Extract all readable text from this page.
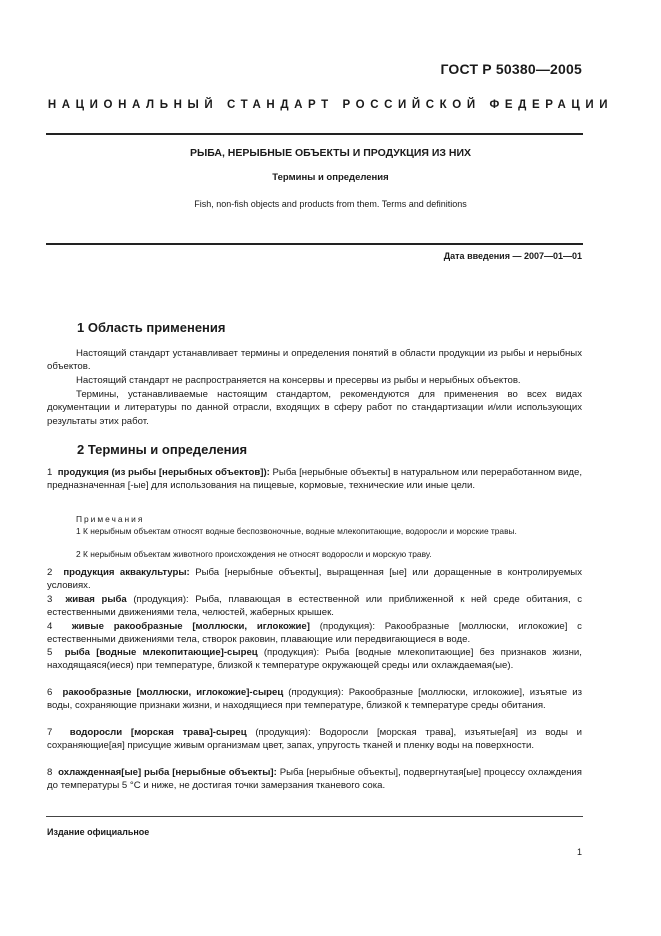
ГОСТ Р 50380—2005
НАЦИОНАЛЬНЫЙ СТАНДАРТ РОССИЙСКОЙ ФЕДЕРАЦИИ
РЫБА, НЕРЫБНЫЕ ОБЪЕКТЫ И ПРОДУКЦИЯ ИЗ НИХ
Термины и определения
Fish, non-fish objects and products from them. Terms and definitions
Дата введения — 2007—01—01
1 Область применения

Настоящий стандарт устанавливает термины и определения понятий в области продукции из рыбы и нерыбных объектов.

Настоящий стандарт не распространяется на консервы и пресервы из рыбы и нерыбных объектов.

Термины, устанавливаемые настоящим стандартом, рекомендуются для применения во всех видах документации и литературы по данной отрасли, входящих в сферу работ по стандартизации и/или использующих результаты этих работ.

2 Термины и определения

1 продукция (из рыбы [нерыбных объектов]): Рыба [нерыбные объекты] в натуральном или переработанном виде, предназначенная [-ые] для использования на пищевые, кормовые, технические или иные цели.

Примечания

1 К нерыбным объектам относят водные беспозвоночные, водные млекопитающие, водоросли и морские травы.

2 К нерыбным объектам животного происхождения не относят водоросли и морскую траву.

2 продукция аквакультуры: Рыба [нерыбные объекты], выращенная [ые] или доращенные в контролируемых условиях.

3 живая рыба (продукция): Рыба, плавающая в естественной или приближенной к ней среде обитания, с естественными движениями тела, челюстей, жаберных крышек.

4 живые ракообразные [моллюски, иглокожие] (продукция): Ракообразные [моллюски, иглокожие] с естественными движениями тела, створок раковин, плавающие или передвигающиеся в воде.

5 рыба [водные млекопитающие]-сырец (продукция): Рыба [водные млекопитающие] без признаков жизни, находящаяся(иеся) при температуре, близкой к температуре окружающей среды или охлаждаемая(ые).

6 ракообразные [моллюски, иглокожие]-сырец (продукция): Ракообразные [моллюски, иглокожие], изъятые из воды, сохраняющие признаки жизни, и находящиеся при температуре, близкой к температуре среды обитания.

7 водоросли [морская трава]-сырец (продукция): Водоросли [морская трава], изъятые[ая] из воды и сохраняющие[ая] присущие живым организмам цвет, запах, упругость тканей и пленку воды на поверхности.

8 охлажденная[ые] рыба [нерыбные объекты]: Рыба [нерыбные объекты], подвергнутая[ые] процессу охлаждения до температуры 5 °С и ниже, не достигая точки замерзания тканевого сока.

Издание официальное
1
